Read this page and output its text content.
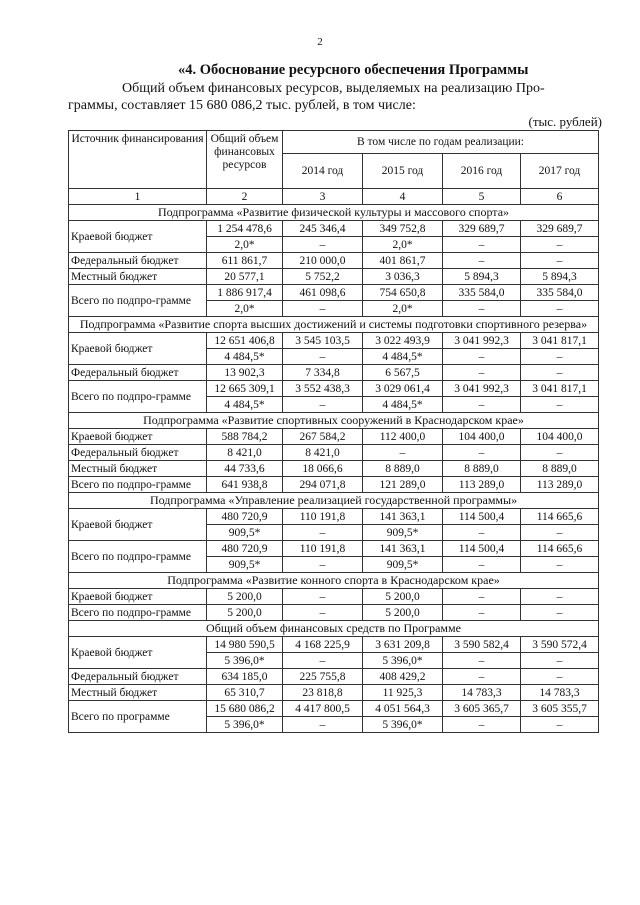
2
«4. Обоснование ресурсного обеспечения Программы
Общий объем финансовых ресурсов, выделяемых на реализацию Про-
граммы, составляет 15 680 086,2 тыс. рублей, в том числе:
(тыс. рублей)
Источник финансирования	Общий объем финансовых ресурсов	В том числе по годам реализации:			
		2014 год	2015 год	2016 год	2017 год
1	2	3	4	5	6
Подпрограмма «Развитие физической культуры и массового спорта»					
Краевой бюджет	1 254 478,6	245 346,4	349 752,8	329 689,7	329 689,7
	2,0*	–	2,0*	–	–
Федеральный бюджет	611 861,7	210 000,0	401 861,7	–	–
Местный бюджет	20 577,1	5 752,2	3 036,3	5 894,3	5 894,3
Всего по подпро-граммe	1 886 917,4	461 098,6	754 650,8	335 584,0	335 584,0
	2,0*	–	2,0*	–	–
Подпрограмма «Развитие спорта высших достижений и системы подготовки спортивного резерва»					
Краевой бюджет	12 651 406,8	3 545 103,5	3 022 493,9	3 041 992,3	3 041 817,1
	4 484,5*	–	4 484,5*	–	–
Федеральный бюджет	13 902,3	7 334,8	6 567,5	–	–
Всего по подпро-грамме	12 665 309,1	3 552 438,3	3 029 061,4	3 041 992,3	3 041 817,1
	4 484,5*	–	4 484,5*	–	–
Подпрограмма «Развитие спортивных сооружений в Краснодарском крае»					
Краевой бюджет	588 784,2	267 584,2	112 400,0	104 400,0	104 400,0
Федеральный бюджет	8 421,0	8 421,0	–	–	–
Местный бюджет	44 733,6	18 066,6	8 889,0	8 889,0	8 889,0
Всего по подпро-грамме	641 938,8	294 071,8	121 289,0	113 289,0	113 289,0
Подпрограмма «Управление реализацией государственной программы»					
Краевой бюджет	480 720,9	110 191,8	141 363,1	114 500,4	114 665,6
	909,5*	–	909,5*	–	–
Всего по подпро-грамме	480 720,9	110 191,8	141 363,1	114 500,4	114 665,6
	909,5*	–	909,5*	–	–
Подпрограмма «Развитие конного спорта в Краснодарском крае»					
Краевой бюджет	5 200,0	–	5 200,0	–	–
Всего по подпро-грамме	5 200,0	–	5 200,0	–	–
Общий объем финансовых средств по Программе					
Краевой бюджет	14 980 590,5	4 168 225,9	3 631 209,8	3 590 582,4	3 590 572,4
	5 396,0*	–	5 396,0*	–	–
Федеральный бюджет	634 185,0	225 755,8	408 429,2	–	–
Местный бюджет	65 310,7	23 818,8	11 925,3	14 783,3	14 783,3
Всего по программе	15 680 086,2	4 417 800,5	4 051 564,3	3 605 365,7	3 605 355,7
	5 396,0*	–	5 396,0*	–	–
